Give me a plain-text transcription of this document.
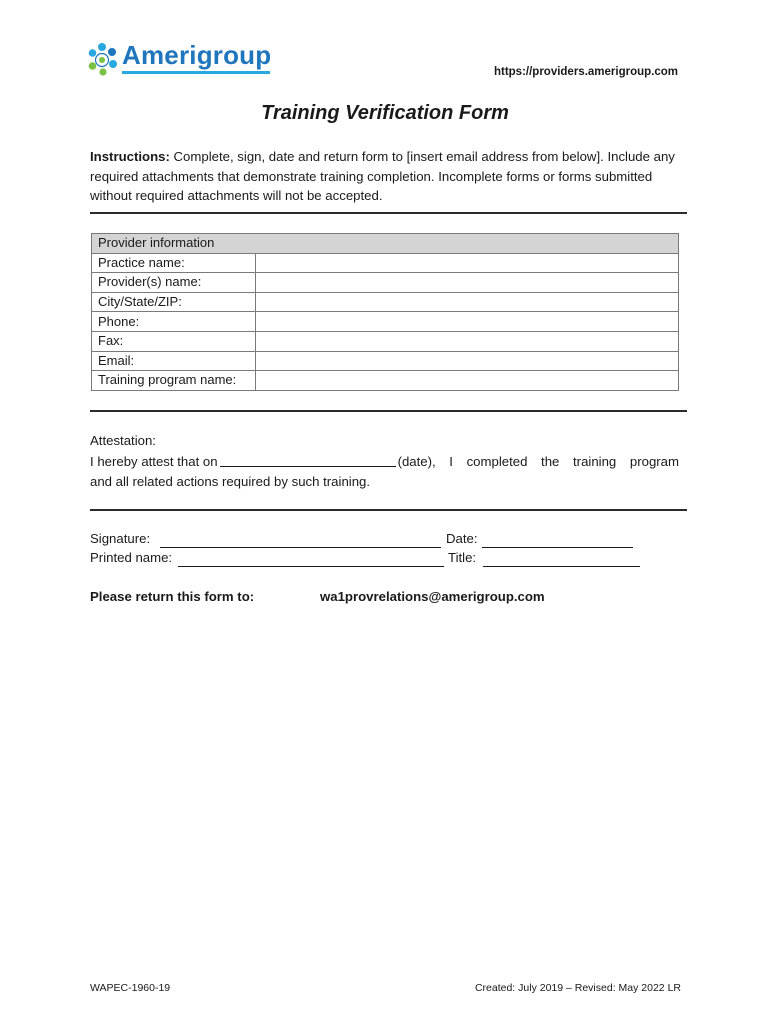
Amerigroup
https://providers.amerigroup.com
Training Verification Form
Instructions: Complete, sign, date and return form to [insert email address from below]. Include any required attachments that demonstrate training completion. Incomplete forms or forms submitted without required attachments will not be accepted.
Provider information	
Practice name:	
Provider(s) name:	
City/State/ZIP:	
Phone:	
Fax:	
Email:	
Training program name:	
Attestation:
I hereby attest that on	(date), I completed the training program
and all related actions required by such training.
Signature:	Date:
Printed name:	Title:
Please return this form to:	wa1provrelations@amerigroup.com
WAPEC-1960-19	Created: July 2019 – Revised: May 2022 LR
